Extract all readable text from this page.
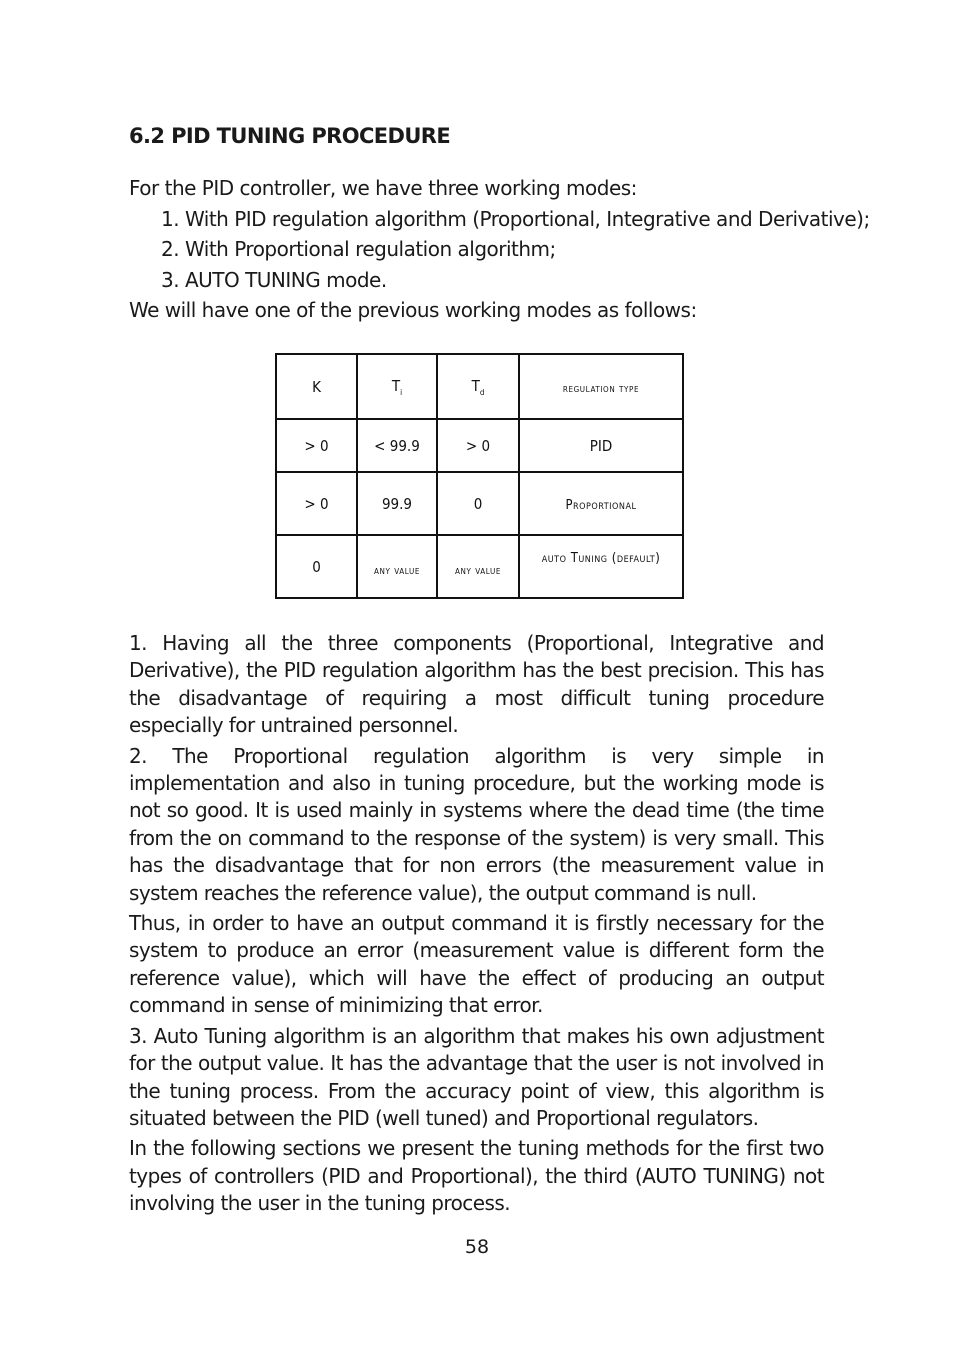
6.2 PID TUNING PROCEDURE
For the PID controller, we have three working modes:
1. With PID regulation algorithm (Proportional, Integrative and Derivative);
2. With Proportional regulation algorithm;
3. AUTO TUNING mode.
We will have one of the previous working modes as follows:
K	$T_i$	$T_d$	regulation type
> 0	< 99.9	> 0	PID
> 0	99.9	0	Proportional
0	any value	any value	auto Tuning (default)

1. Having all the three components (Proportional, Integrative and Derivative), the PID regulation algorithm has the best precision. This has the disadvantage of requiring a most difficult tuning procedure especially for untrained personnel.

2. The Proportional regulation algorithm is very simple in implementation and also in tuning procedure, but the working mode is not so good. It is used mainly in systems where the dead time (the time from the on command to the response of the system) is very small. This has the disadvantage that for non errors (the measurement value in system reaches the reference value), the output command is null.

Thus, in order to have an output command it is firstly necessary for the system to produce an error (measurement value is different form the reference value), which will have the effect of producing an output command in sense of minimizing that error.

3. Auto Tuning algorithm is an algorithm that makes his own adjustment for the output value. It has the advantage that the user is not involved in the tuning process. From the accuracy point of view, this algorithm is situated between the PID (well tuned) and Proportional regulators.

In the following sections we present the tuning methods for the first two types of controllers (PID and Proportional), the third (AUTO TUNING) not involving the user in the tuning process.

58
